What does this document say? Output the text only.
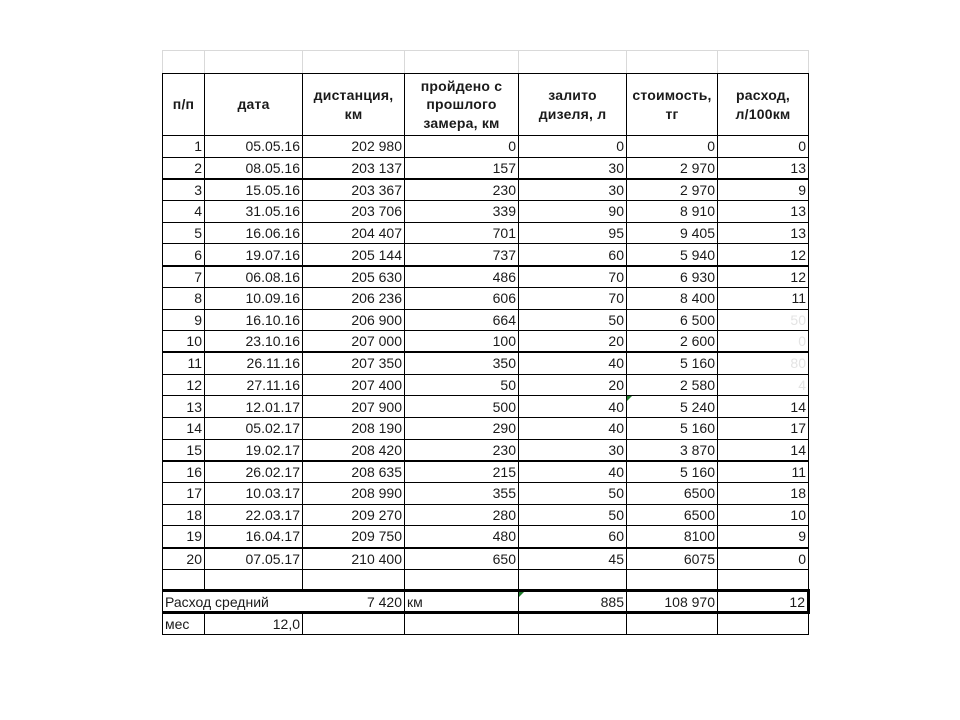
п/п	дата	дистанция, км	пройдено с прошлого замера, км	залито дизеля, л	стоимость, тг	расход, л/100км
1	05.05.16	202 980	0	0	0	0
2	08.05.16	203 137	157	30	2 970	13
3	15.05.16	203 367	230	30	2 970	9
4	31.05.16	203 706	339	90	8 910	13
5	16.06.16	204 407	701	95	9 405	13
6	19.07.16	205 144	737	60	5 940	12
7	06.08.16	205 630	486	70	6 930	12
8	10.09.16	206 236	606	70	8 400	11
9	16.10.16	206 900	664	50	6 500	50
10	23.10.16	207 000	100	20	2 600	0
11	26.11.16	207 350	350	40	5 160	80
12	27.11.16	207 400	50	20	2 580	4
13	12.01.17	207 900	500	40	5 240	14
14	05.02.17	208 190	290	40	5 160	17
15	19.02.17	208 420	230	30	3 870	14
16	26.02.17	208 635	215	40	5 160	11
17	10.03.17	208 990	355	50	6500	18
18	22.03.17	209 270	280	50	6500	10
19	16.04.17	209 750	480	60	8100	9
20	07.05.17	210 400	650	45	6075	0

Расход средний		7 420	км	885	108 970	12
мес	12,0					
